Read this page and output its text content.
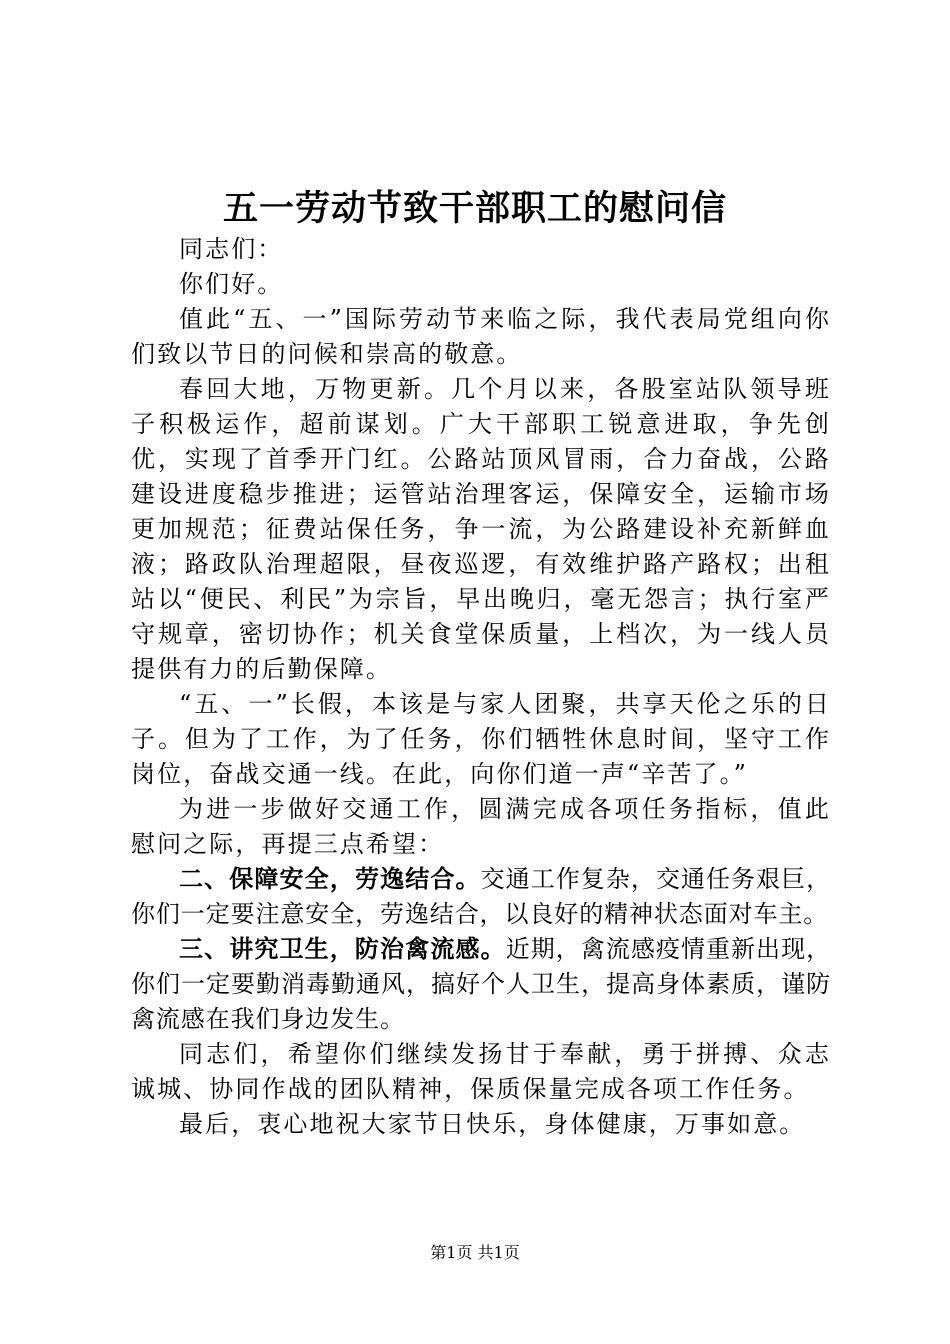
五一劳动节致干部职工的慰问信

同志们：

你们好。

值此“五、一”国际劳动节来临之际，我代表局党组向你们致以节日的问候和崇高的敬意。

春回大地，万物更新。几个月以来，各股室站队领导班子积极运作，超前谋划。广大干部职工锐意进取，争先创优，实现了首季开门红。公路站顶风冒雨，合力奋战，公路建设进度稳步推进；运管站治理客运，保障安全，运输市场更加规范；征费站保任务，争一流，为公路建设补充新鲜血液；路政队治理超限，昼夜巡逻，有效维护路产路权；出租站以“便民、利民”为宗旨，早出晚归，毫无怨言；执行室严守规章，密切协作；机关食堂保质量，上档次，为一线人员提供有力的后勤保障。

“五、一”长假，本该是与家人团聚，共享天伦之乐的日子。但为了工作，为了任务，你们牺牲休息时间，坚守工作岗位，奋战交通一线。在此，向你们道一声“辛苦了。”

为进一步做好交通工作，圆满完成各项任务指标，值此慰问之际，再提三点希望：

二、保障安全，劳逸结合。交通工作复杂，交通任务艰巨，你们一定要注意安全，劳逸结合，以良好的精神状态面对车主。

三、讲究卫生，防治禽流感。近期，禽流感疫情重新出现，你们一定要勤消毒勤通风，搞好个人卫生，提高身体素质，谨防禽流感在我们身边发生。

同志们，希望你们继续发扬甘于奉献，勇于拼搏、众志诚城、协同作战的团队精神，保质保量完成各项工作任务。

最后，衷心地祝大家节日快乐，身体健康，万事如意。

第1页 共1页
